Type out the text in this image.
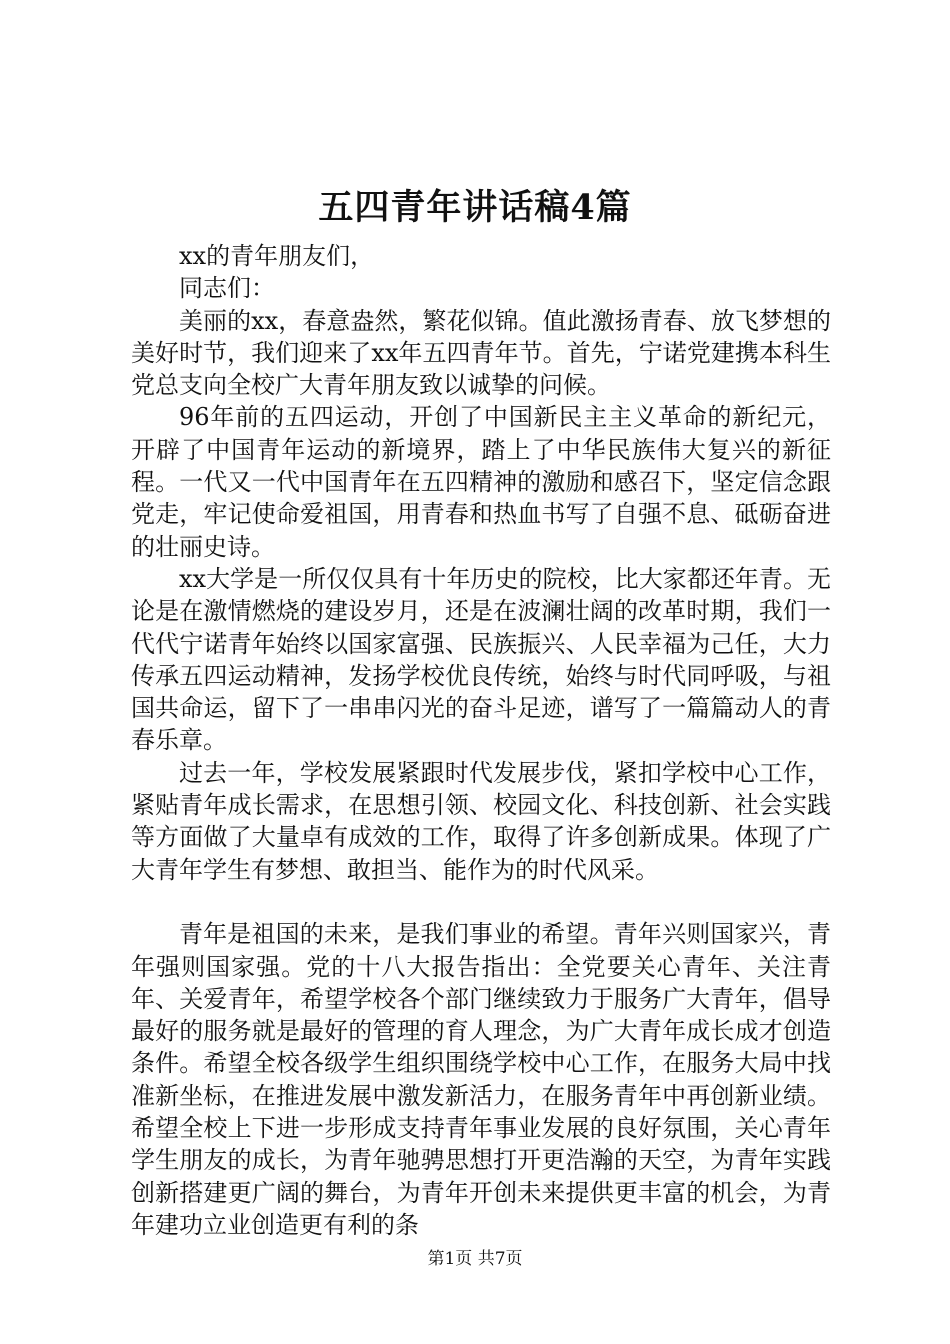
五四青年讲话稿4篇

xx的青年朋友们，

同志们：

美丽的xx，春意盎然，繁花似锦。值此激扬青春、放飞梦想的美好时节，我们迎来了xx年五四青年节。首先，宁诺党建携本科生党总支向全校广大青年朋友致以诚挚的问候。

96年前的五四运动，开创了中国新民主主义革命的新纪元，开辟了中国青年运动的新境界，踏上了中华民族伟大复兴的新征程。一代又一代中国青年在五四精神的激励和感召下，坚定信念跟党走，牢记使命爱祖国，用青春和热血书写了自强不息、砥砺奋进的壮丽史诗。

xx大学是一所仅仅具有十年历史的院校，比大家都还年青。无论是在激情燃烧的建设岁月，还是在波澜壮阔的改革时期，我们一代代宁诺青年始终以国家富强、民族振兴、人民幸福为己任，大力传承五四运动精神，发扬学校优良传统，始终与时代同呼吸，与祖国共命运，留下了一串串闪光的奋斗足迹，谱写了一篇篇动人的青春乐章。

过去一年，学校发展紧跟时代发展步伐，紧扣学校中心工作，紧贴青年成长需求，在思想引领、校园文化、科技创新、社会实践等方面做了大量卓有成效的工作，取得了许多创新成果。体现了广大青年学生有梦想、敢担当、能作为的时代风采。

青年是祖国的未来，是我们事业的希望。青年兴则国家兴，青年强则国家强。党的十八大报告指出：全党要关心青年、关注青年、关爱青年，希望学校各个部门继续致力于服务广大青年，倡导最好的服务就是最好的管理的育人理念，为广大青年成长成才创造条件。希望全校各级学生组织围绕学校中心工作，在服务大局中找准新坐标，在推进发展中激发新活力，在服务青年中再创新业绩。希望全校上下进一步形成支持青年事业发展的良好氛围，关心青年学生朋友的成长，为青年驰骋思想打开更浩瀚的天空，为青年实践创新搭建更广阔的舞台，为青年开创未来提供更丰富的机会，为青年建功立业创造更有利的条

第1页 共7页
